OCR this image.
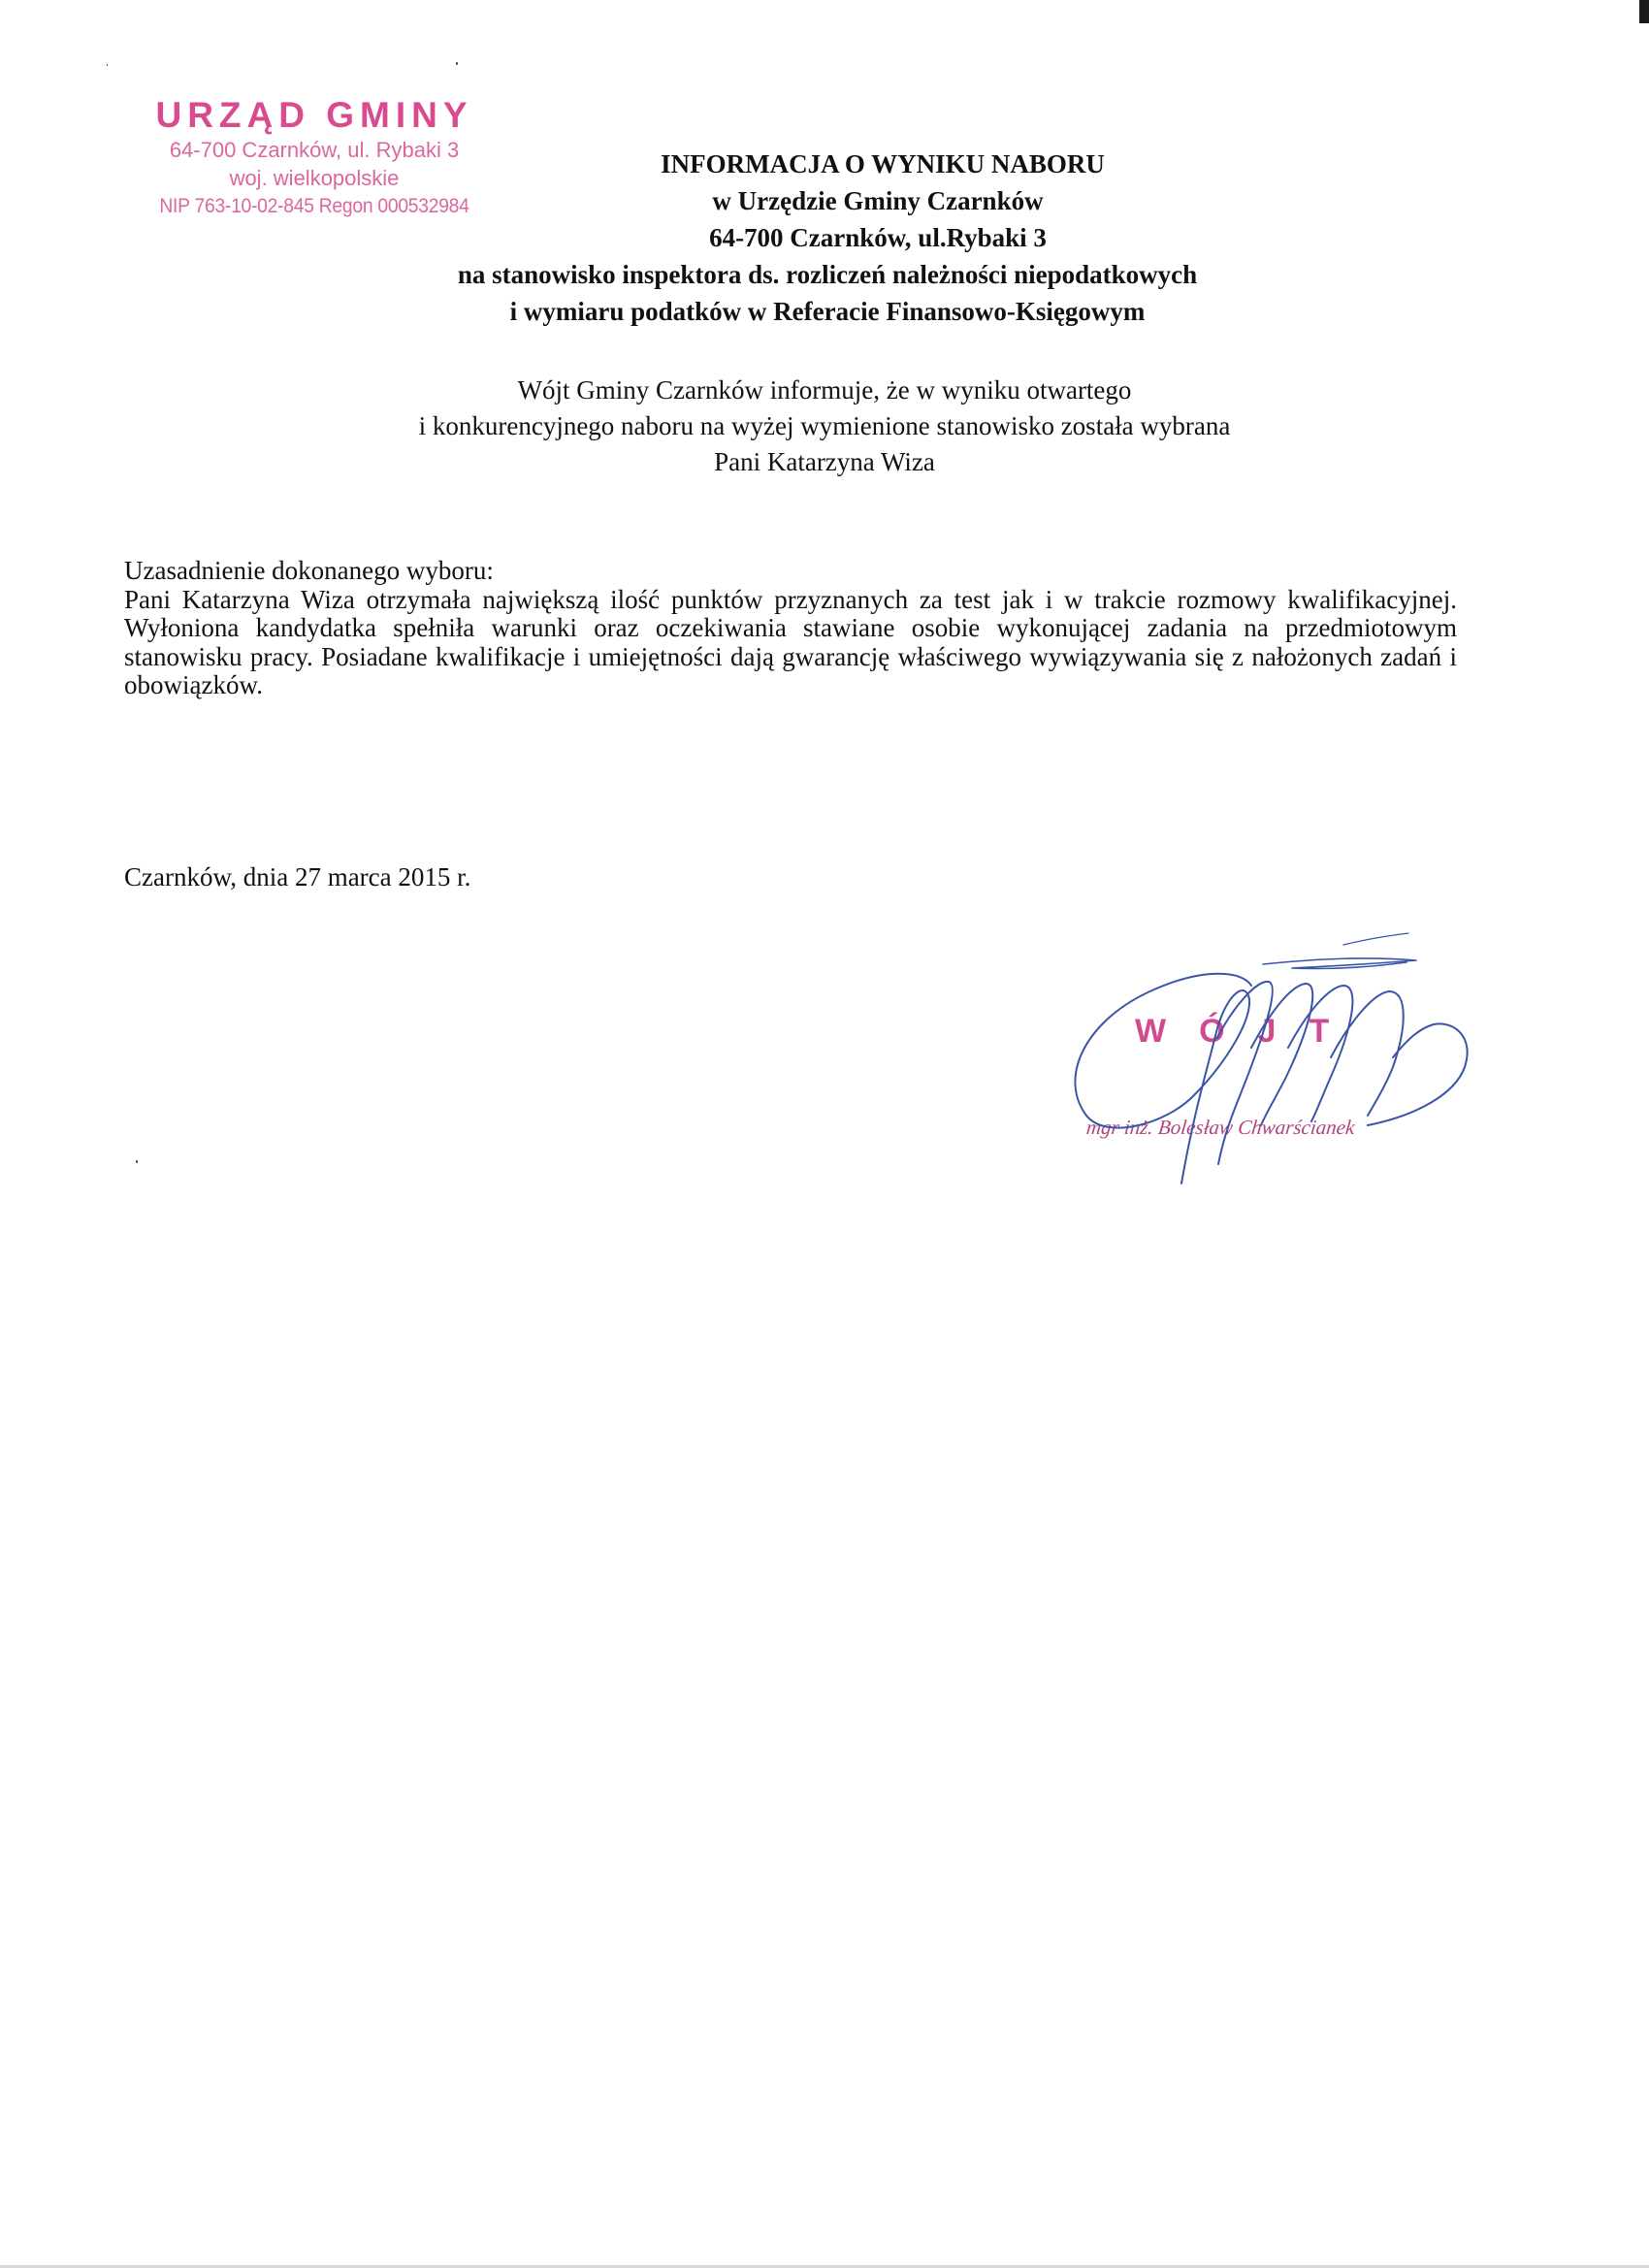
URZĄD GMINY
64-700 Czarnków, ul. Rybaki 3
woj. wielkopolskie
NIP 763-10-02-845 Regon 000532984
INFORMACJA O WYNIKU NABORU
w Urzędzie Gminy Czarnków
64-700 Czarnków, ul.Rybaki 3
na stanowisko inspektora ds. rozliczeń należności niepodatkowych
i wymiaru podatków w Referacie Finansowo-Księgowym
Wójt Gminy Czarnków informuje, że w wyniku otwartego
i konkurencyjnego naboru na wyżej wymienione stanowisko została wybrana
Pani Katarzyna Wiza
Uzasadnienie dokonanego wyboru:
Pani Katarzyna Wiza otrzymała największą ilość punktów przyznanych za test jak i w trakcie rozmowy kwalifikacyjnej. Wyłoniona kandydatka spełniła warunki oraz oczekiwania stawiane osobie wykonującej zadania na przedmiotowym stanowisku pracy. Posiadane kwalifikacje i umiejętności dają gwarancję właściwego wywiązywania się z nałożonych zadań i obowiązków.
Czarnków, dnia 27 marca 2015 r.
WÓJT
mgr inż. Bolesław Chwarścianek
